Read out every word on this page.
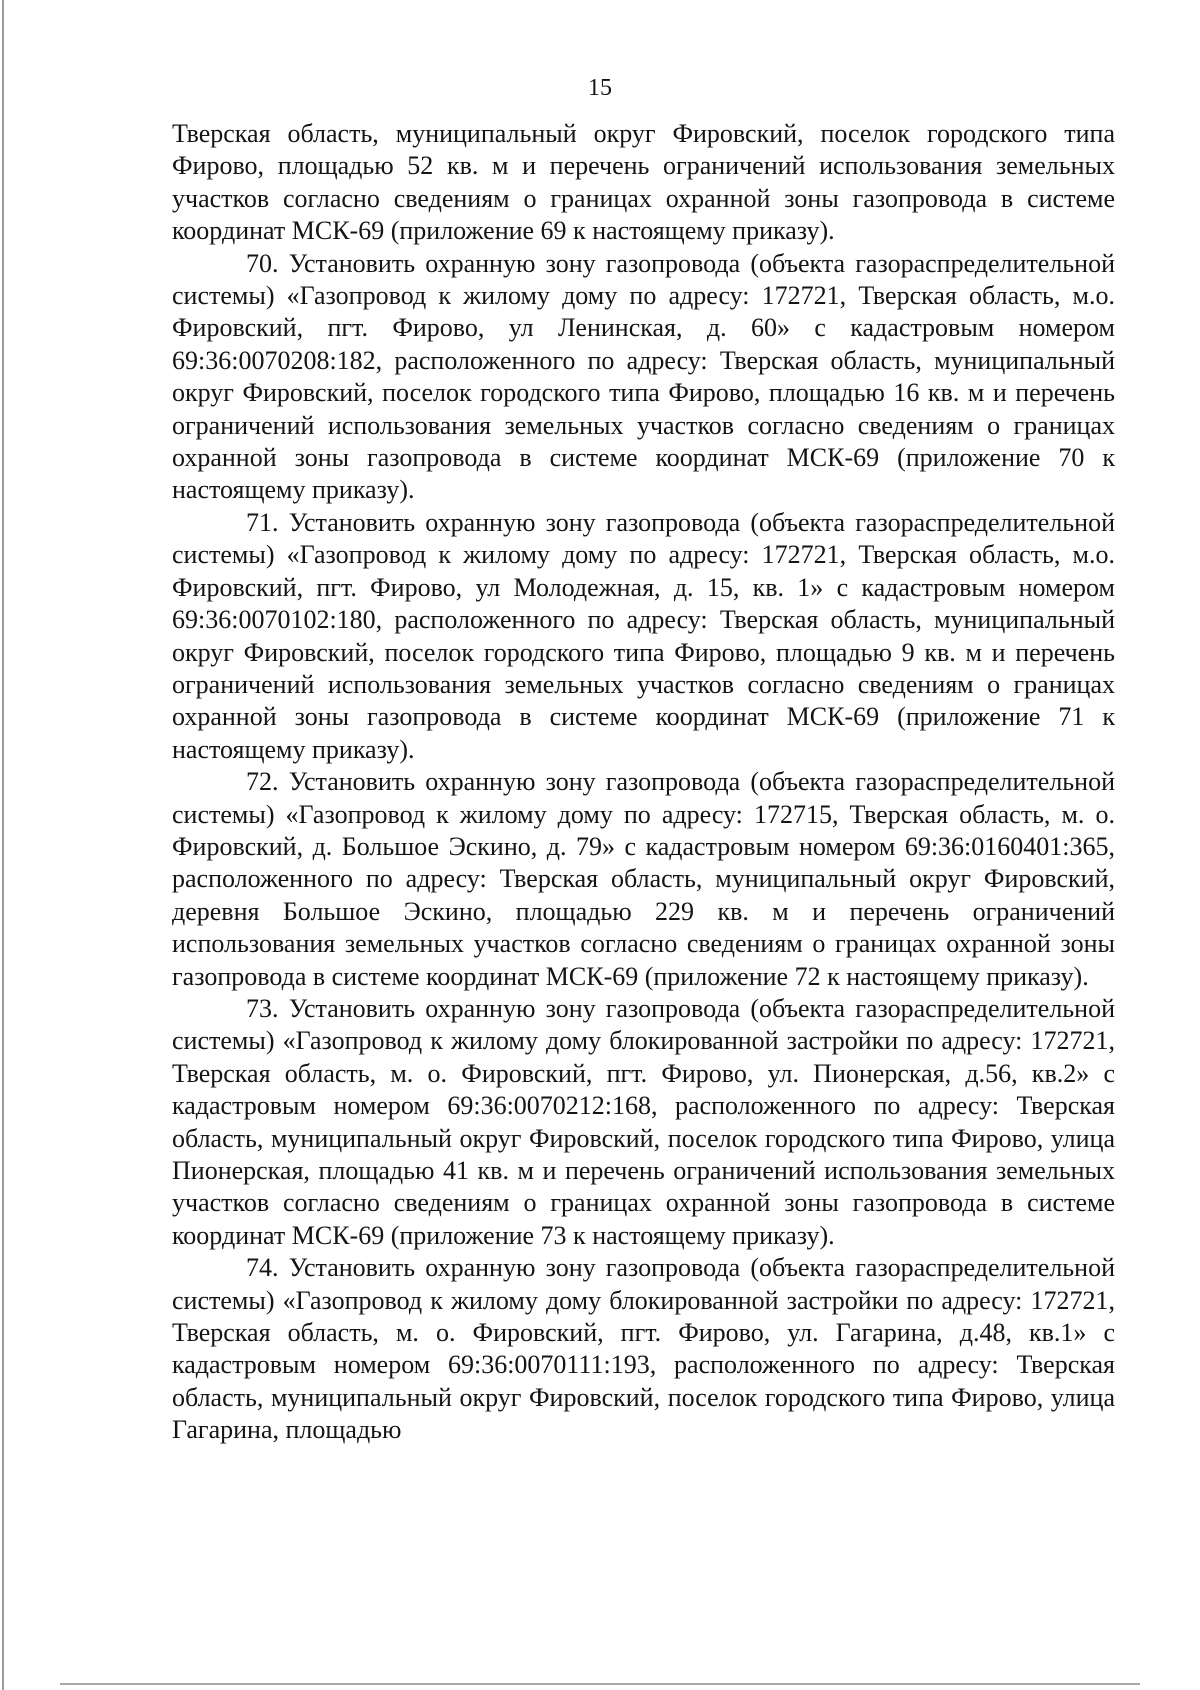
15

Тверская область, муниципальный округ Фировский, поселок городского типа Фирово, площадью 52 кв. м и перечень ограничений использования земельных участков согласно сведениям о границах охранной зоны газопровода в системе координат МСК-69 (приложение 69 к настоящему приказу).

70. Установить охранную зону газопровода (объекта газораспределительной системы) «Газопровод к жилому дому по адресу: 172721, Тверская область, м.о. Фировский, пгт. Фирово, ул Ленинская, д. 60» с кадастровым номером 69:36:0070208:182, расположенного по адресу: Тверская область, муниципальный округ Фировский, поселок городского типа Фирово, площадью 16 кв. м и перечень ограничений использования земельных участков согласно сведениям о границах охранной зоны газопровода в системе координат МСК-69 (приложение 70 к настоящему приказу).

71. Установить охранную зону газопровода (объекта газораспределительной системы) «Газопровод к жилому дому по адресу: 172721, Тверская область, м.о. Фировский, пгт. Фирово, ул Молодежная, д. 15, кв. 1» с кадастровым номером 69:36:0070102:180, расположенного по адресу: Тверская область, муниципальный округ Фировский, поселок городского типа Фирово, площадью 9 кв. м и перечень ограничений использования земельных участков согласно сведениям о границах охранной зоны газопровода в системе координат МСК-69 (приложение 71 к настоящему приказу).

72. Установить охранную зону газопровода (объекта газораспределительной системы) «Газопровод к жилому дому по адресу: 172715, Тверская область, м. о. Фировский, д. Большое Эскино, д. 79» с кадастровым номером 69:36:0160401:365, расположенного по адресу: Тверская область, муниципальный округ Фировский, деревня Большое Эскино, площадью 229 кв. м и перечень ограничений использования земельных участков согласно сведениям о границах охранной зоны газопровода в системе координат МСК-69 (приложение 72 к настоящему приказу).

73. Установить охранную зону газопровода (объекта газораспределительной системы) «Газопровод к жилому дому блокированной застройки по адресу: 172721, Тверская область, м. о. Фировский, пгт. Фирово, ул. Пионерская, д.56, кв.2» с кадастровым номером 69:36:0070212:168, расположенного по адресу: Тверская область, муниципальный округ Фировский, поселок городского типа Фирово, улица Пионерская, площадью 41 кв. м и перечень ограничений использования земельных участков согласно сведениям о границах охранной зоны газопровода в системе координат МСК-69 (приложение 73 к настоящему приказу).

74. Установить охранную зону газопровода (объекта газораспределительной системы) «Газопровод к жилому дому блокированной застройки по адресу: 172721, Тверская область, м. о. Фировский, пгт. Фирово, ул. Гагарина, д.48, кв.1» с кадастровым номером 69:36:0070111:193, расположенного по адресу: Тверская область, муниципальный округ Фировский, поселок городского типа Фирово, улица Гагарина, площадью
